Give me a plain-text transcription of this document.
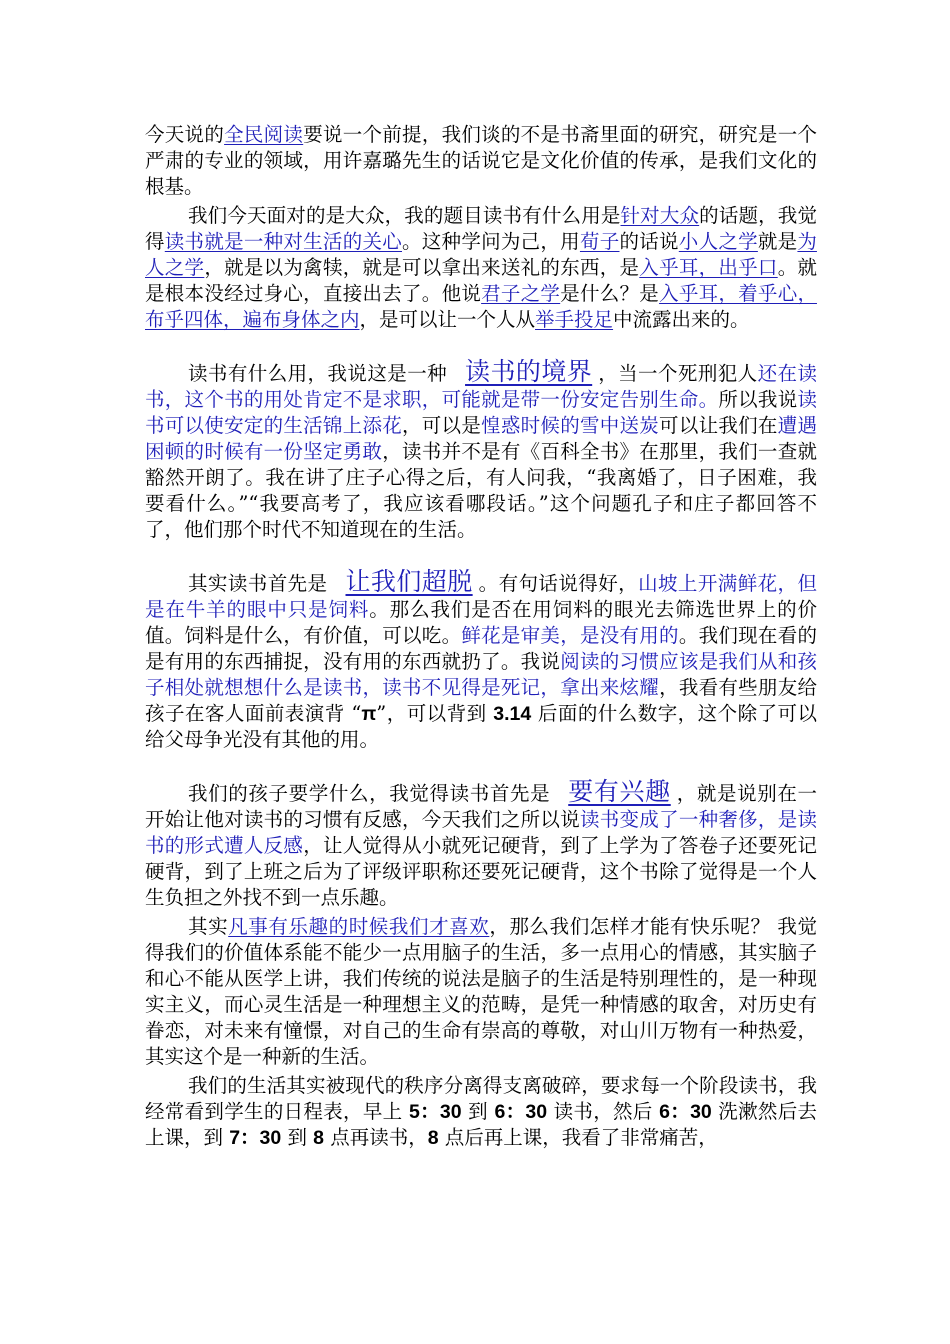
今天说的全民阅读要说一个前提，我们谈的不是书斋里面的研究，研究是一个严肃的专业的领域，用许嘉璐先生的话说它是文化价值的传承，是我们文化的根基。

我们今天面对的是大众，我的题目读书有什么用是针对大众的话题，我觉得读书就是一种对生活的关心。这种学问为己，用荀子的话说小人之学就是为人之学，就是以为禽犊，就是可以拿出来送礼的东西，是入乎耳，出乎口。就是根本没经过身心，直接出去了。他说君子之学是什么？是入乎耳，着乎心，布乎四体，遍布身体之内，是可以让一个人从举手投足中流露出来的。

读书有什么用，我说这是一种 读书的境界 ，当一个死刑犯人还在读书，这个书的用处肯定不是求职，可能就是带一份安定告别生命。所以我说读书可以使安定的生活锦上添花，可以是惶惑时候的雪中送炭可以让我们在遭遇困顿的时候有一份坚定勇敢，读书并不是有《百科全书》在那里，我们一查就豁然开朗了。我在讲了庄子心得之后，有人问我，“我离婚了，日子困难，我要看什么。”“我要高考了，我应该看哪段话。”这个问题孔子和庄子都回答不了，他们那个时代不知道现在的生活。

其实读书首先是 让我们超脱 。有句话说得好，山坡上开满鲜花，但是在牛羊的眼中只是饲料。那么我们是否在用饲料的眼光去筛选世界上的价值。饲料是什么，有价值，可以吃。鲜花是审美，是没有用的。我们现在看的是有用的东西捕捉，没有用的东西就扔了。我说阅读的习惯应该是我们从和孩子相处就想想什么是读书，读书不见得是死记，拿出来炫耀，我看有些朋友给孩子在客人面前表演背 “π”，可以背到 3.14 后面的什么数字，这个除了可以给父母争光没有其他的用。

我们的孩子要学什么，我觉得读书首先是 要有兴趣 ，就是说别在一开始让他对读书的习惯有反感，今天我们之所以说读书变成了一种奢侈，是读书的形式遭人反感，让人觉得从小就死记硬背，到了上学为了答卷子还要死记硬背，到了上班之后为了评级评职称还要死记硬背，这个书除了觉得是一个人生负担之外找不到一点乐趣。

其实凡事有乐趣的时候我们才喜欢，那么我们怎样才能有快乐呢？ 我觉得我们的价值体系能不能少一点用脑子的生活，多一点用心的情感，其实脑子和心不能从医学上讲，我们传统的说法是脑子的生活是特别理性的，是一种现实主义，而心灵生活是一种理想主义的范畴，是凭一种情感的取舍，对历史有眷恋，对未来有憧憬，对自己的生命有崇高的尊敬，对山川万物有一种热爱，其实这个是一种新的生活。

我们的生活其实被现代的秩序分离得支离破碎，要求每一个阶段读书，我经常看到学生的日程表，早上 5：30 到 6：30 读书，然后 6：30 洗漱然后去上课，到 7：30 到 8 点再读书，8 点后再上课，我看了非常痛苦，
